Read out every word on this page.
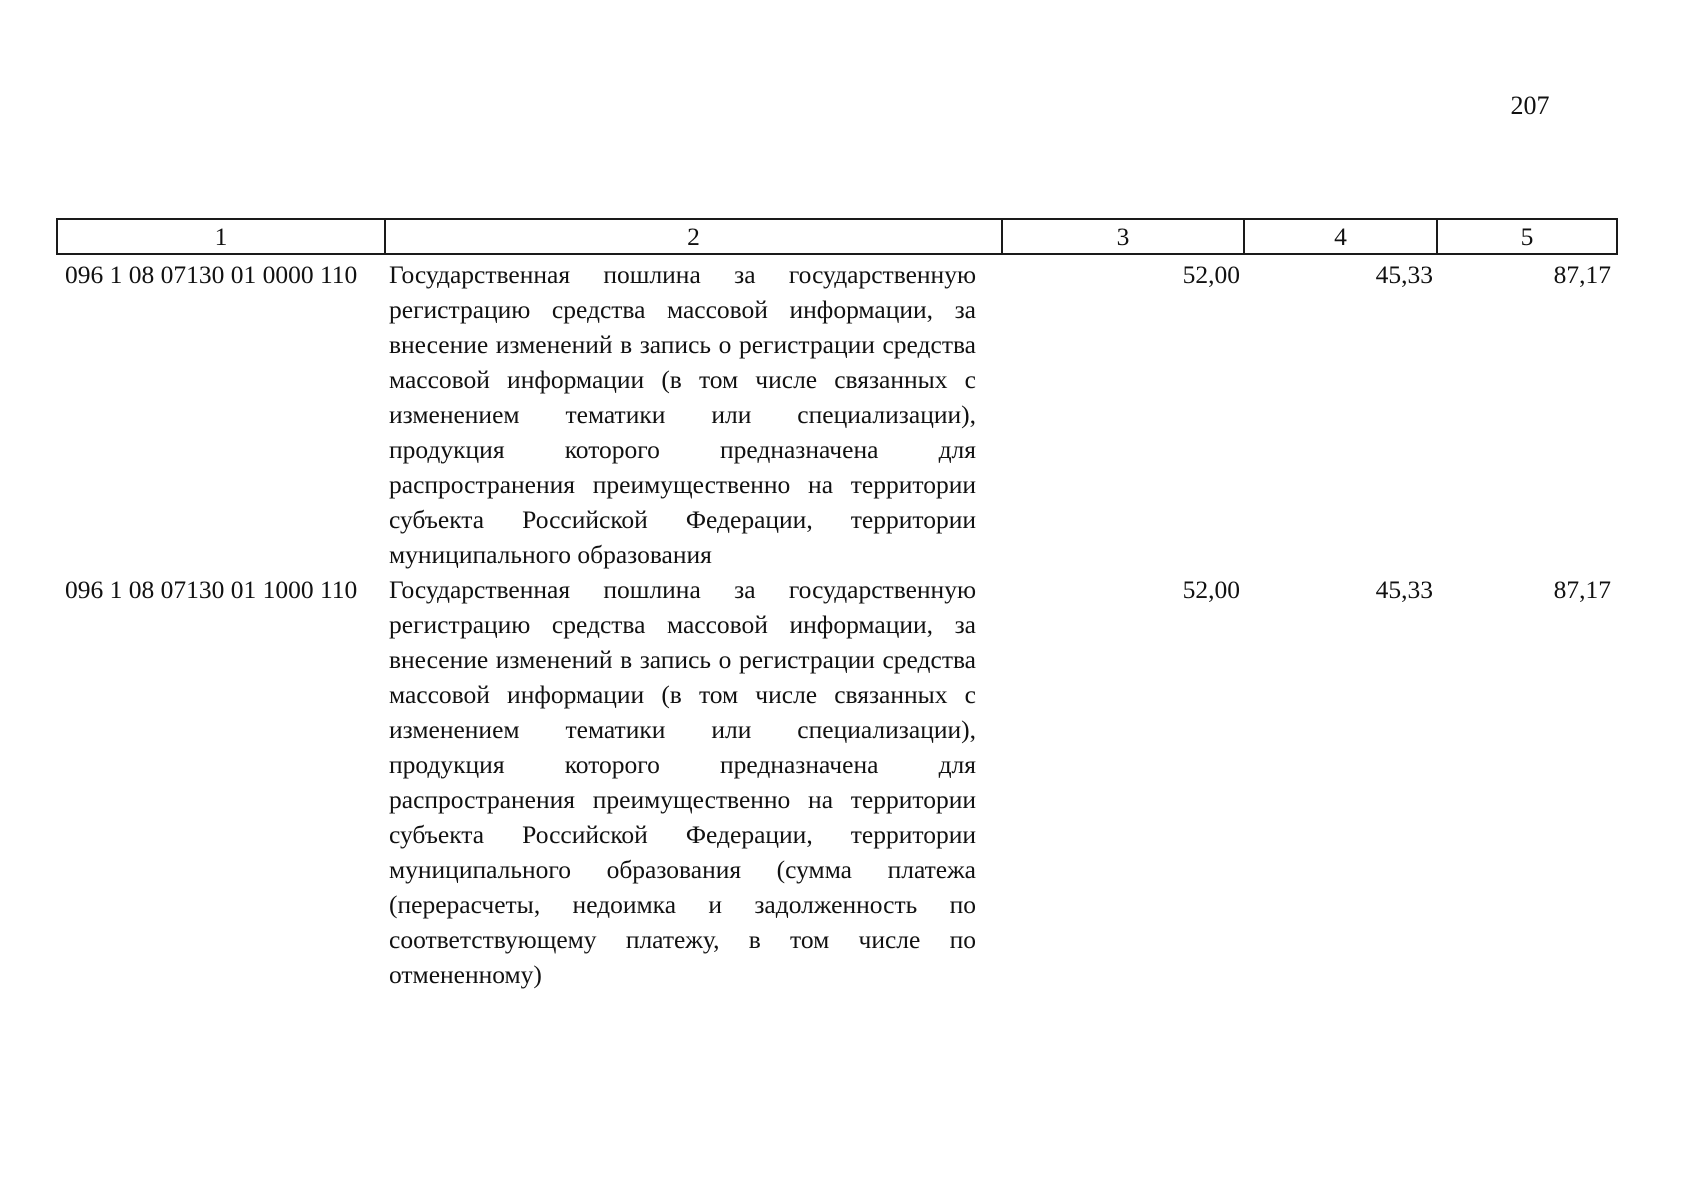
207
1	2	3	4	5
096 1 08 07130 01 0000 110	Государственная пошлина за государственную регистрацию средства массовой информации, за внесение изменений в запись о регистрации средства массовой информации (в том числе связанных с изменением тематики или специализации), продукция которого предназначена для распространения преимущественно на территории субъекта Российской Федерации, территории муниципального образования	52,00	45,33	87,17
096 1 08 07130 01 1000 110	Государственная пошлина за государственную регистрацию средства массовой информации, за внесение изменений в запись о регистрации средства массовой информации (в том числе связанных с изменением тематики или специализации), продукция которого предназначена для распространения преимущественно на территории субъекта Российской Федерации, территории муниципального образования (сумма платежа (перерасчеты, недоимка и задолженность по соответствующему платежу, в том числе по отмененному)	52,00	45,33	87,17
